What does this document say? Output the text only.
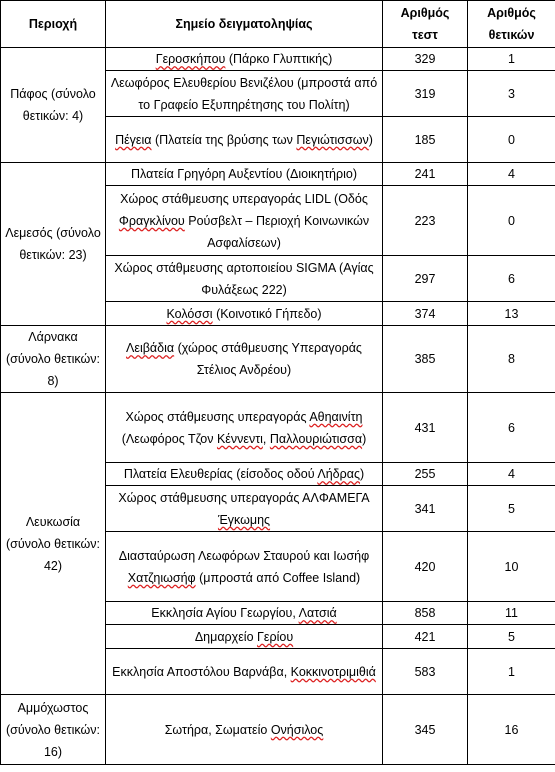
Περιοχή	Σημείο δειγματοληψίας	Αριθμός τεστ	Αριθμός θετικών
Πάφος (σύνολο θετικών: 4)	Γεροσκήπου (Πάρκο Γλυπτικής)	329	1
	Λεωφόρος Ελευθερίου Βενιζέλου (μπροστά από το Γραφείο Εξυπηρέτησης του Πολίτη)	319	3
	Πέγεια (Πλατεία της βρύσης των Πεγιώτισσων)	185	0
Λεμεσός (σύνολο θετικών: 23)	Πλατεία Γρηγόρη Αυξεντίου (Διοικητήριο)	241	4
	Χώρος στάθμευσης υπεραγοράς LIDL (Οδός Φραγκλίνου Ρούσβελτ – Περιοχή Κοινωνικών Ασφαλίσεων)	223	0
	Χώρος στάθμευσης αρτοποιείου SIGMA (Αγίας Φυλάξεως 222)	297	6
	Κολόσσι (Κοινοτικό Γήπεδο)	374	13
Λάρνακα (σύνολο θετικών: 8)	Λειβάδια (χώρος στάθμευσης Υπεραγοράς Στέλιος Ανδρέου)	385	8
Λευκωσία (σύνολο θετικών: 42)	Χώρος στάθμευσης υπεραγοράς Αθηαινίτη (Λεωφόρος Τζον Κέννεντι, Παλλουριώτισσα)	431	6
	Πλατεία Ελευθερίας (είσοδος οδού Λήδρας)	255	4
	Χώρος στάθμευσης υπεραγοράς ΑΛΦΑΜΕΓΑ Έγκωμης	341	5
	Διασταύρωση Λεωφόρων Σταυρού και Ιωσήφ Χατζηιωσήφ (μπροστά από Coffee Island)	420	10
	Εκκλησία Αγίου Γεωργίου, Λατσιά	858	11
	Δημαρχείο Γερίου	421	5
	Εκκλησία Αποστόλου Βαρνάβα, Κοκκινοτριμιθιά	583	1
Αμμόχωστος (σύνολο θετικών: 16)	Σωτήρα, Σωματείο Ονήσιλος	345	16
